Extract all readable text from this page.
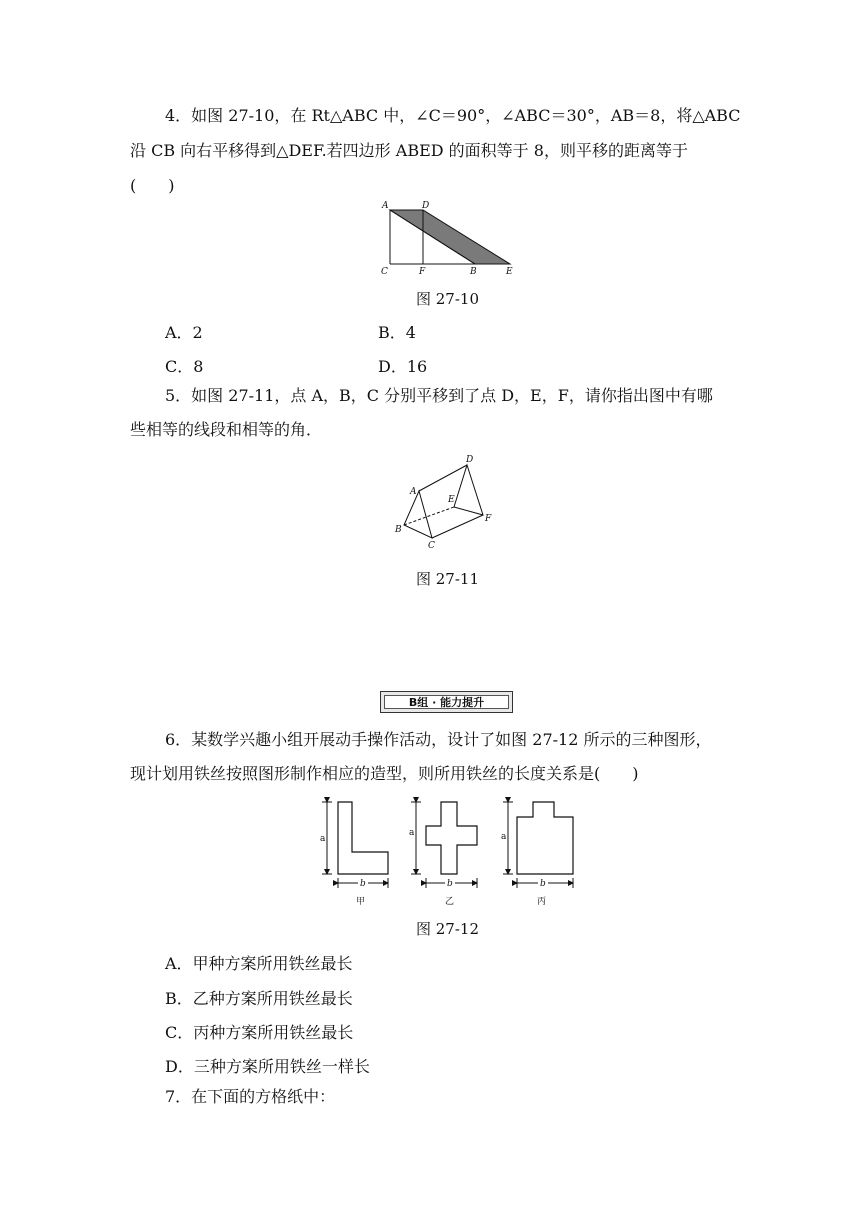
4．如图 27-10，在 Rt△ABC 中，∠C＝90°，∠ABC＝30°，AB＝8，将△ABC
沿 CB 向右平移得到△DEF.若四边形 ABED 的面积等于 8，则平移的距离等于
(　　)
A	D
C	F	B	E
图 27-10
A．2	B．4
C．8	D．16
5．如图 27-11，点 A，B，C 分别平移到了点 D，E，F，请你指出图中有哪
些相等的线段和相等的角．
D
A
E
F
B
C
图 27-11
B组 · 能力提升
6．某数学兴趣小组开展动手操作活动，设计了如图 27-12 所示的三种图形，
现计划用铁丝按照图形制作相应的造型，则所用铁丝的长度关系是(　　)
a
b
甲
a
b
乙
a
b
丙
图 27-12
A．甲种方案所用铁丝最长
B．乙种方案所用铁丝最长
C．丙种方案所用铁丝最长
D．三种方案所用铁丝一样长
7．在下面的方格纸中：
